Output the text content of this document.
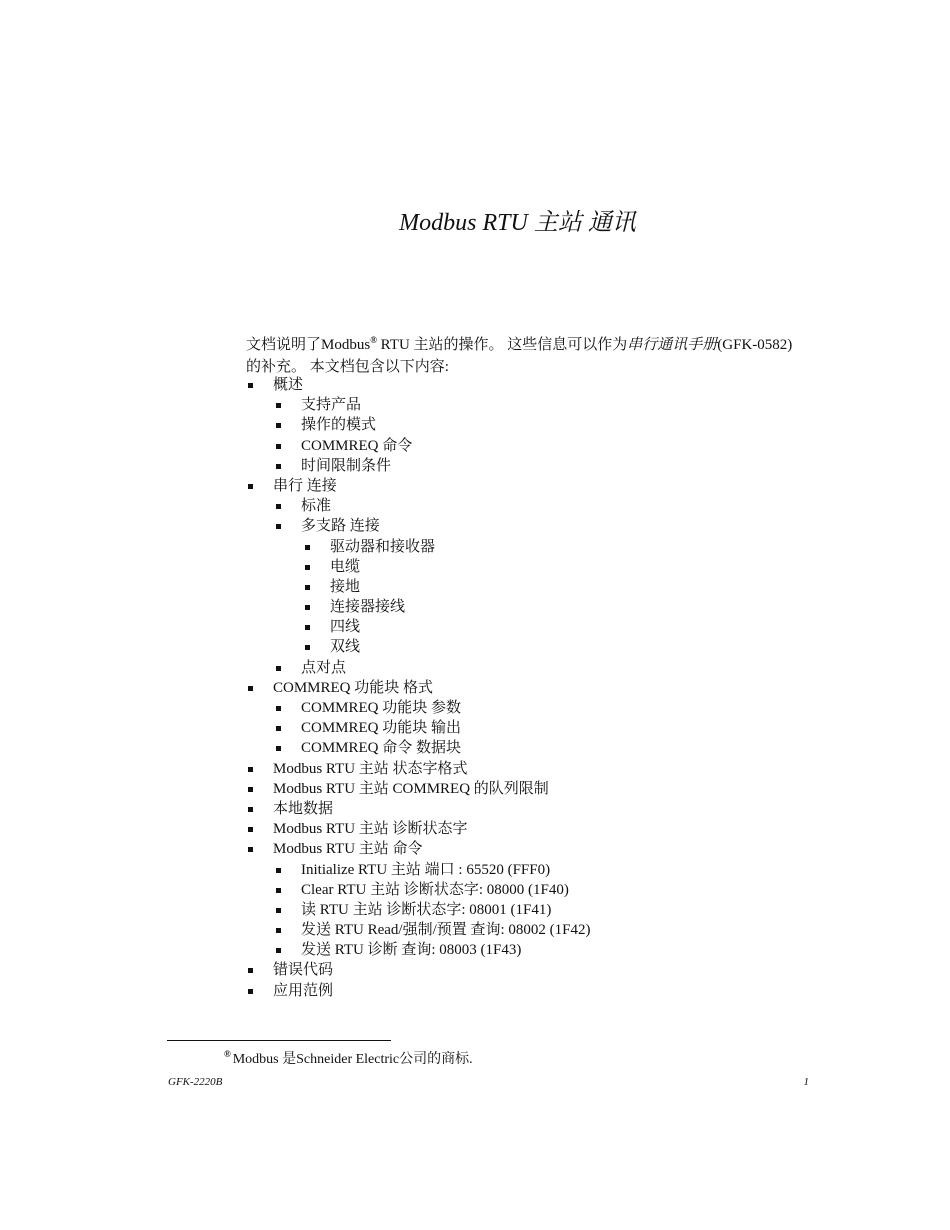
Modbus RTU 主站 通讯

文档说明了Modbus® RTU 主站的操作。 这些信息可以作为串行通讯手册(GFK-0582)的补充。 本文档包含以下内容:

概述
支持产品
操作的模式
COMMREQ 命令
时间限制条件
串行 连接
标准
多支路 连接
驱动器和接收器
电缆
接地
连接器接线
四线
双线
点对点
COMMREQ 功能块 格式
COMMREQ 功能块 参数
COMMREQ 功能块 输出
COMMREQ 命令 数据块
Modbus RTU 主站 状态字格式
Modbus RTU 主站 COMMREQ 的队列限制
本地数据
Modbus RTU 主站 诊断状态字
Modbus RTU 主站 命令
Initialize RTU 主站 端口 : 65520 (FFF0)
Clear RTU 主站 诊断状态字: 08000 (1F40)
读 RTU 主站 诊断状态字: 08001 (1F41)
发送 RTU Read/强制/预置 查询: 08002 (1F42)
发送 RTU 诊断 查询: 08003 (1F43)
错误代码
应用范例

® Modbus 是Schneider Electric公司的商标.

GFK-2220B	1
